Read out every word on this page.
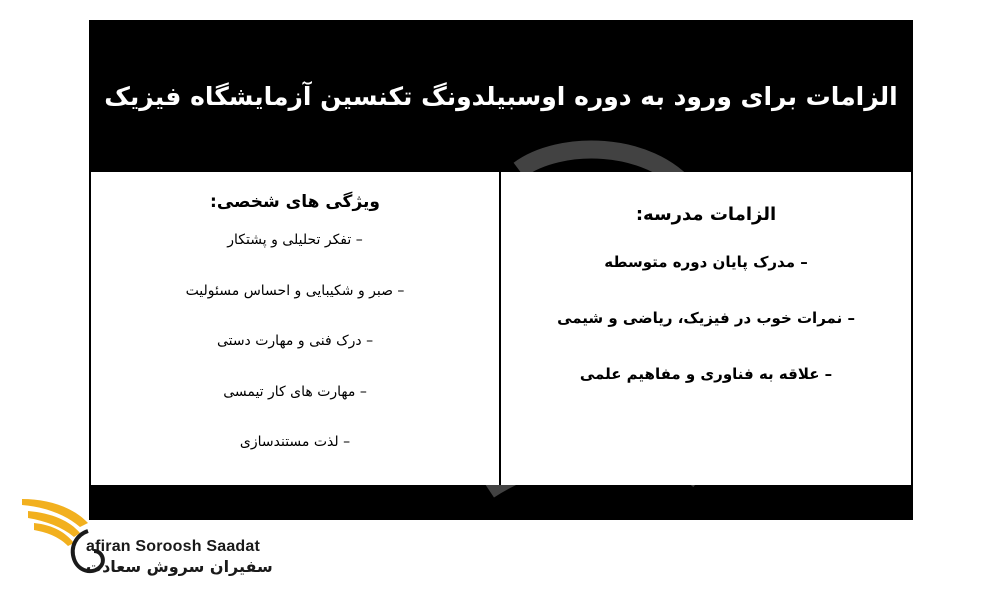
الزامات برای ورود به دوره اوسبیلدونگ تکنسین آزمایشگاه فیزیک
ویژگی های شخصی:
– تفکر تحلیلی و پشتکار
– صبر و شکیبایی و احساس مسئولیت
– درک فنی و مهارت دستی
– مهارت های کار تیمسی
– لذت مستندسازی
الزامات مدرسه:
– مدرک پایان دوره متوسطه
– نمرات خوب در فیزیک، ریاضی و شیمی
– علاقه به فناوری و مفاهیم علمی
afiran Soroosh Saadat
سفیران سروش سعادت
